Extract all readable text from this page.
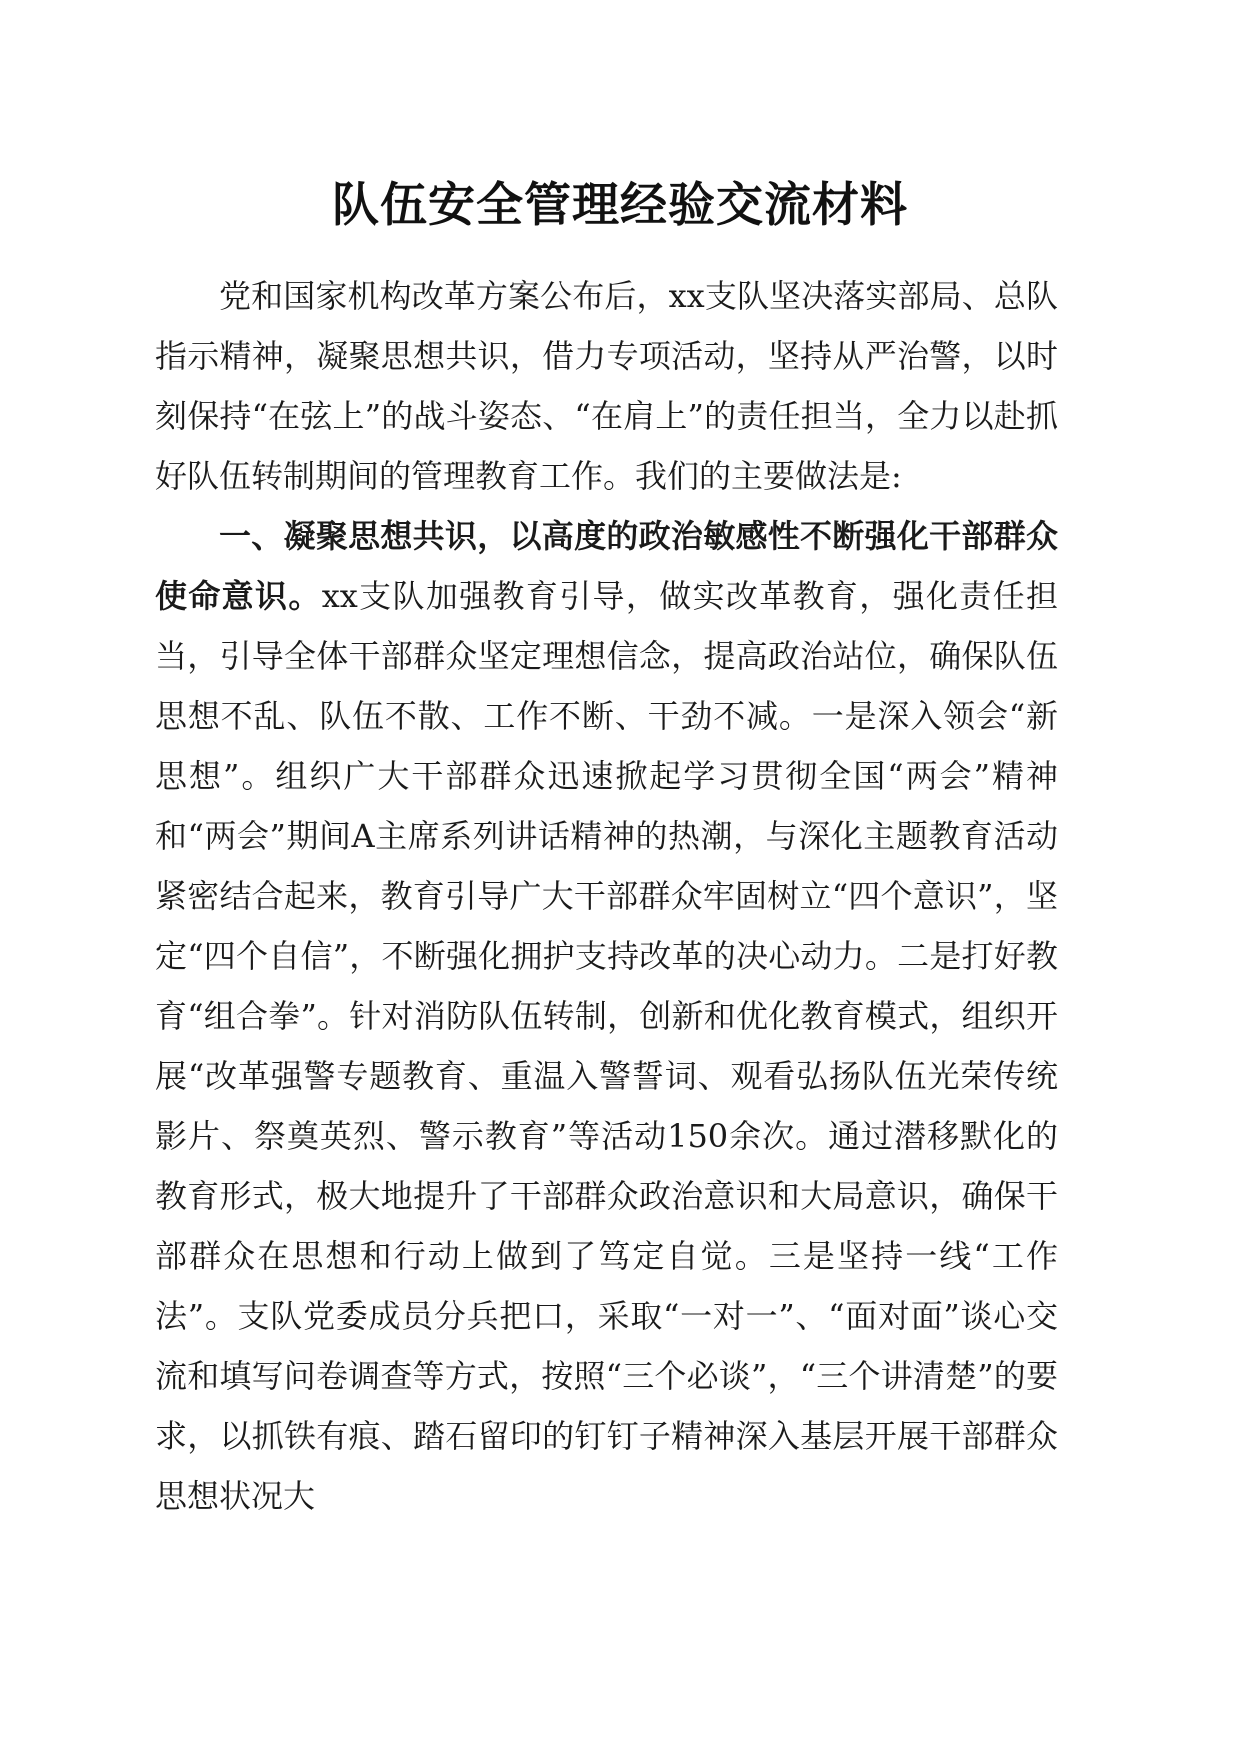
队伍安全管理经验交流材料

党和国家机构改革方案公布后，xx支队坚决落实部局、总队指示精神，凝聚思想共识，借力专项活动，坚持从严治警，以时刻保持“在弦上”的战斗姿态、“在肩上”的责任担当，全力以赴抓好队伍转制期间的管理教育工作。我们的主要做法是:

一、凝聚思想共识，以高度的政治敏感性不断强化干部群众使命意识。xx支队加强教育引导，做实改革教育，强化责任担当，引导全体干部群众坚定理想信念，提高政治站位，确保队伍思想不乱、队伍不散、工作不断、干劲不减。一是深入领会“新思想”。组织广大干部群众迅速掀起学习贯彻全国“两会”精神和“两会”期间A主席系列讲话精神的热潮，与深化主题教育活动紧密结合起来，教育引导广大干部群众牢固树立“四个意识”，坚定“四个自信”，不断强化拥护支持改革的决心动力。二是打好教育“组合拳”。针对消防队伍转制，创新和优化教育模式，组织开展“改革强警专题教育、重温入警誓词、观看弘扬队伍光荣传统影片、祭奠英烈、警示教育”等活动150余次。通过潜移默化的教育形式，极大地提升了干部群众政治意识和大局意识，确保干部群众在思想和行动上做到了笃定自觉。三是坚持一线“工作法”。支队党委成员分兵把口，采取“一对一”、“面对面”谈心交流和填写问卷调查等方式，按照“三个必谈”，“三个讲清楚”的要求，以抓铁有痕、踏石留印的钉钉子精神深入基层开展干部群众思想状况大
